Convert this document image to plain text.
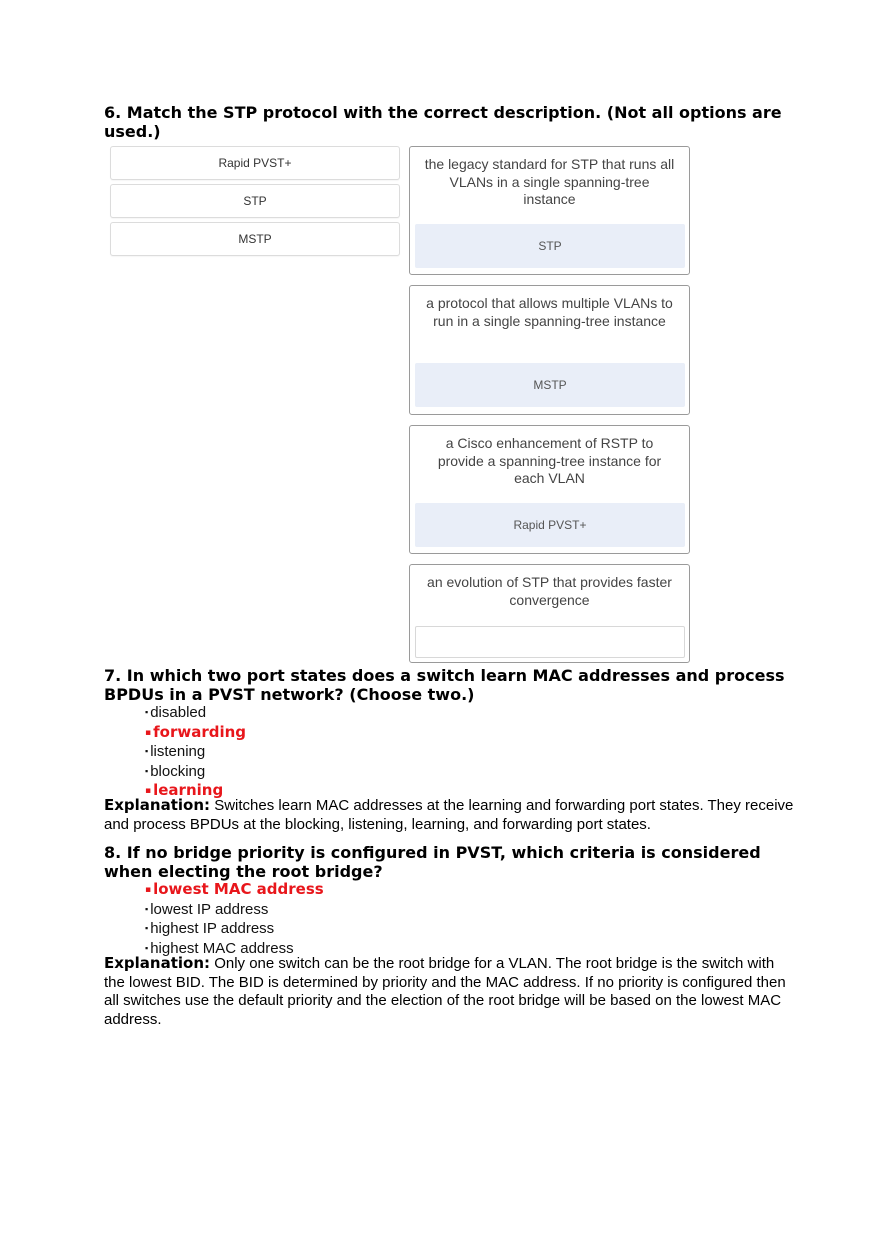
6. Match the STP protocol with the correct description. (Not all options are used.)
Rapid PVST+
STP
MSTP
the legacy standard for STP that runs all VLANs in a single spanning-tree instance
STP
a protocol that allows multiple VLANs to run in a single spanning-tree instance
MSTP
a Cisco enhancement of RSTP to provide a spanning-tree instance for each VLAN
Rapid PVST+
an evolution of STP that provides faster convergence
7. In which two port states does a switch learn MAC addresses and process BPDUs in a PVST network? (Choose two.)
▪ disabled
▪ forwarding
▪ listening
▪ blocking
▪ learning

Explanation: Switches learn MAC addresses at the learning and forwarding port states. They receive and process BPDUs at the blocking, listening, learning, and forwarding port states.

8. If no bridge priority is configured in PVST, which criteria is considered when electing the root bridge?
▪ lowest MAC address
▪ lowest IP address
▪ highest IP address
▪ highest MAC address

Explanation: Only one switch can be the root bridge for a VLAN. The root bridge is the switch with the lowest BID. The BID is determined by priority and the MAC address. If no priority is configured then all switches use the default priority and the election of the root bridge will be based on the lowest MAC address.
